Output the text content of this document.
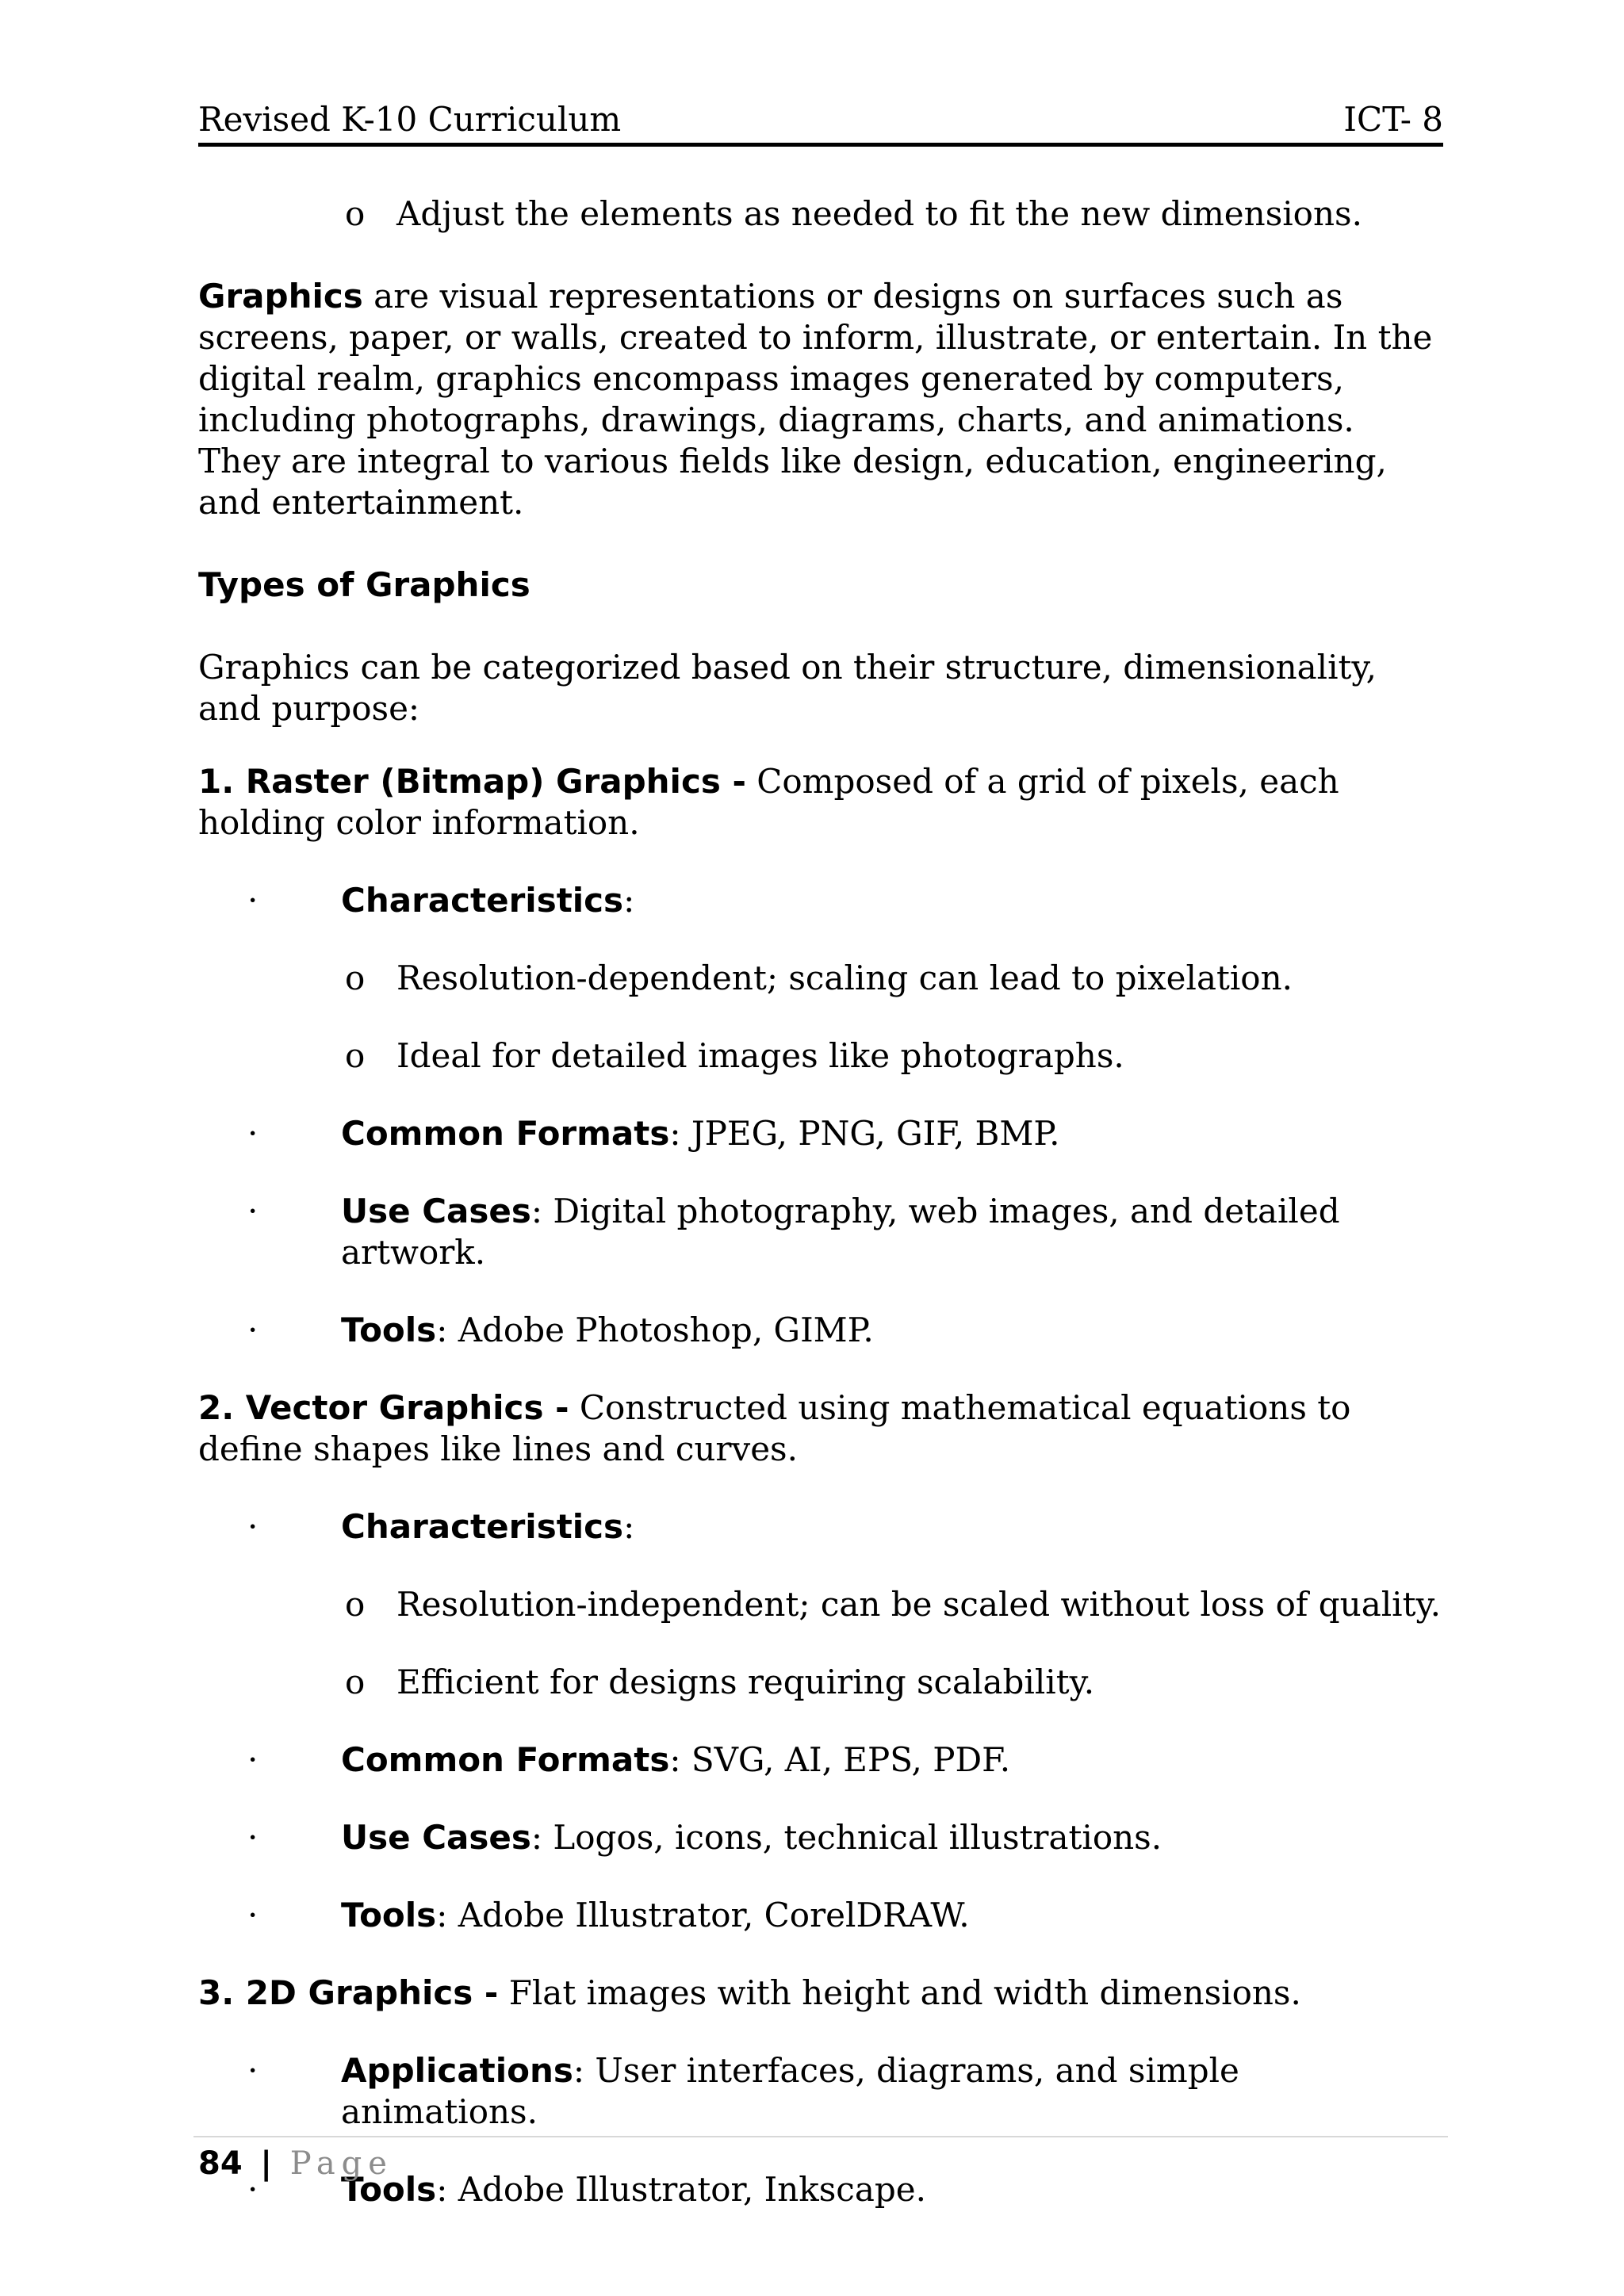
Revised K-10 Curriculum	ICT- 8

o Adjust the elements as needed to fit the new dimensions.

Graphics are visual representations or designs on surfaces such as screens, paper, or walls, created to inform, illustrate, or entertain. In the digital realm, graphics encompass images generated by computers, including photographs, drawings, diagrams, charts, and animations. They are integral to various fields like design, education, engineering, and entertainment.

Types of Graphics

Graphics can be categorized based on their structure, dimensionality, and purpose:

1. Raster (Bitmap) Graphics - Composed of a grid of pixels, each holding color information.

· Characteristics:

o Resolution-dependent; scaling can lead to pixelation.

o Ideal for detailed images like photographs.

· Common Formats: JPEG, PNG, GIF, BMP.

· Use Cases: Digital photography, web images, and detailed artwork.

· Tools: Adobe Photoshop, GIMP.

2. Vector Graphics - Constructed using mathematical equations to define shapes like lines and curves.

· Characteristics:

o Resolution-independent; can be scaled without loss of quality.

o Efficient for designs requiring scalability.

· Common Formats: SVG, AI, EPS, PDF.

· Use Cases: Logos, icons, technical illustrations.

· Tools: Adobe Illustrator, CorelDRAW.

3. 2D Graphics - Flat images with height and width dimensions.

· Applications: User interfaces, diagrams, and simple animations.

· Tools: Adobe Illustrator, Inkscape.

84 | Page
